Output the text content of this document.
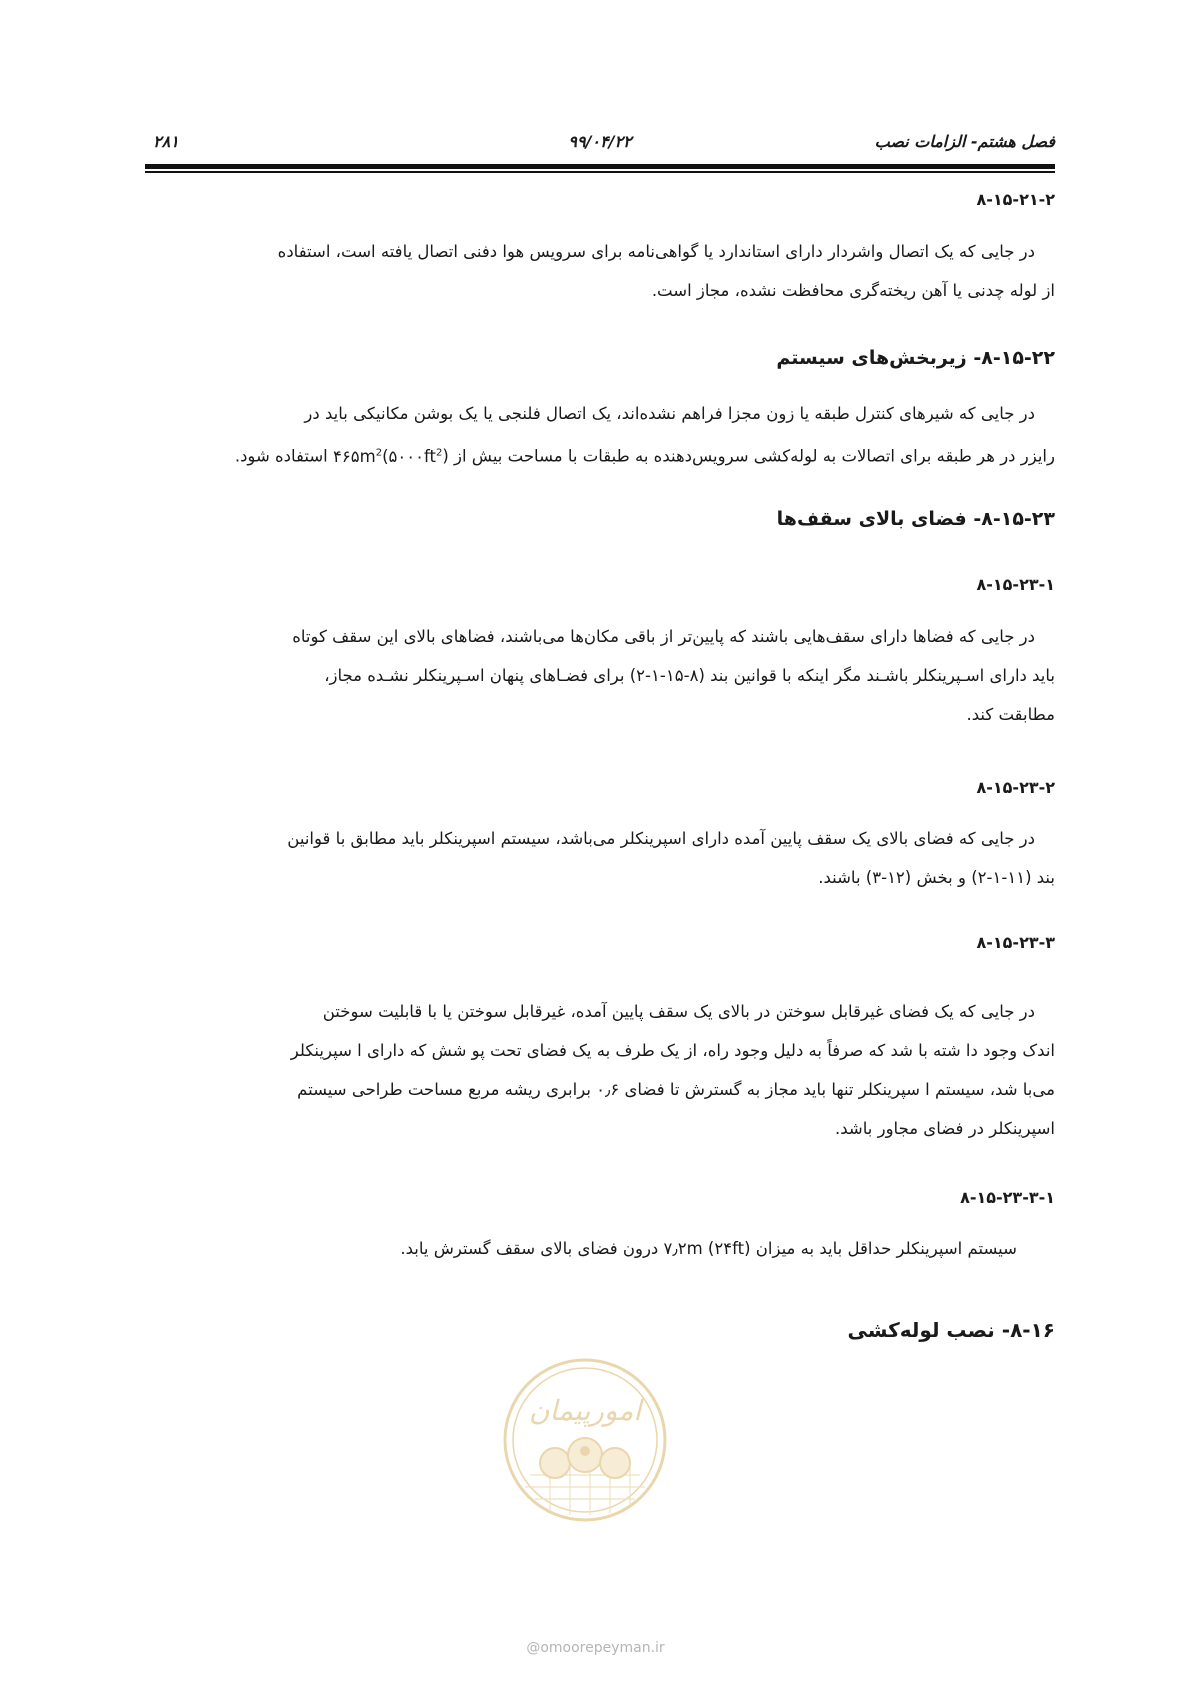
فصل هشتم- الزامات نصب
۹۹/۰۴/۲۲
۲۸۱
۸-۱۵-۲۱-۲
در جایی که یک اتصال واشردار دارای استاندارد یا گواهی‌نامه برای سرویس هوا دفنی اتصال یافته است، استفاده
از لوله چدنی یا آهن ریخته‌گری محافظت نشده، مجاز است.
۸-۱۵-۲۲- زیربخش‌های سیستم
در جایی که شیرهای کنترل طبقه یا زون مجزا فراهم نشده‌اند، یک اتصال فلنجی یا یک بوشن مکانیکی باید در
رایزر در هر طبقه برای اتصالات به لوله‌کشی سرویس‌دهنده به طبقات با مساحت بیش از $۴۶۵m^2(۵۰۰۰ft^2)$ استفاده شود.
۸-۱۵-۲۳- فضای بالای سقف‌ها
۸-۱۵-۲۳-۱
در جایی که فضاها دارای سقف‌هایی باشند که پایین‌تر از باقی مکان‌ها می‌باشند، فضاهای بالای این سقف کوتاه
باید دارای اسـپرینکلر باشـند مگر اینکه با قوانین بند (۸-۱۵-۱-۲) برای فضـاهای پنهان اسـپرینکلر نشـده مجاز،
مطابقت کند.
۸-۱۵-۲۳-۲
در جایی که فضای بالای یک سقف پایین آمده دارای اسپرینکلر می‌باشد، سیستم اسپرینکلر باید مطابق با قوانین
بند (۱۱-۱-۲) و بخش (۱۲-۳) باشند.
۸-۱۵-۲۳-۳
در جایی که یک فضای غیرقابل سوختن در بالای یک سقف پایین آمده، غیرقابل سوختن یا با قابلیت سوختن
اندک وجود دا شته با شد که صرفاً به دلیل وجود راه، از یک طرف به یک فضای تحت پو شش که دارای ا سپرینکلر
می‌با شد، سیستم ا سپرینکلر تنها باید مجاز به گسترش تا فضای ۰٫۶ برابری ریشه مربع مساحت طراحی سیستم
اسپرینکلر در فضای مجاور باشد.
۸-۱۵-۲۳-۳-۱
سیستم اسپرینکلر حداقل باید به میزان ۷٫۲m (۲۴ft) درون فضای بالای سقف گسترش یابد.
۸-۱۶- نصب لوله‌کشی
امورپیمان
@omoorepeyman.ir
